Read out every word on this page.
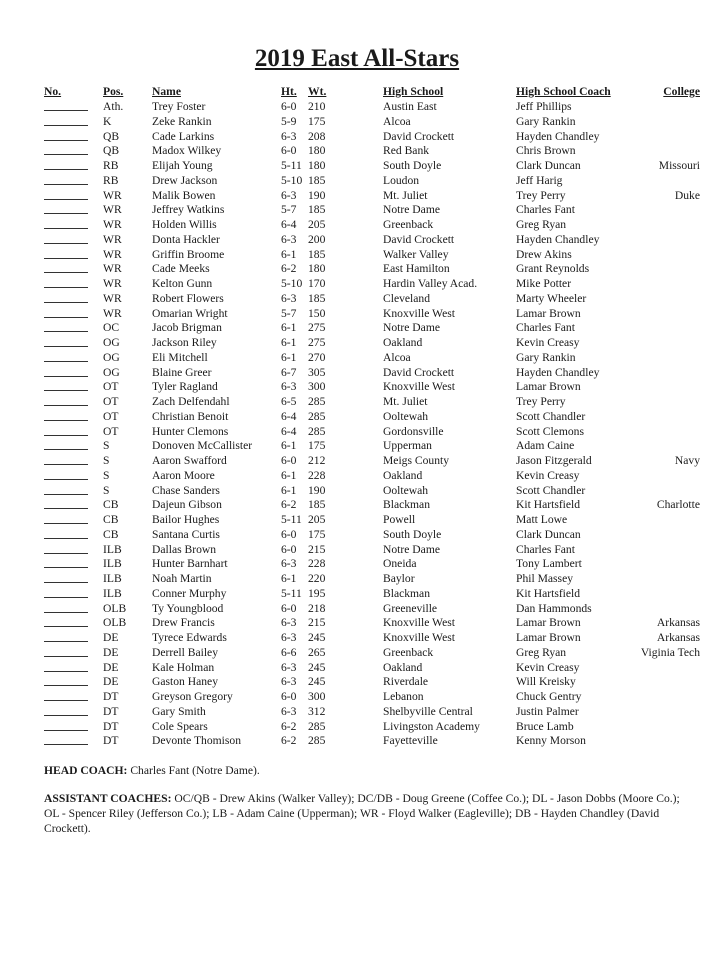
2019 East All-Stars
No.	Pos. Name	Ht. Wt.	High School	High School Coach	College
Ath. Trey Foster	6-0 210	Austin East	Jeff Phillips
K	Zeke Rankin	5-9 175	Alcoa	Gary Rankin
QB	Cade Larkins	6-3 208	David Crockett	Hayden Chandley
QB	Madox Wilkey	6-0 180	Red Bank	Chris Brown
RB	Elijah Young	5-11 180	South Doyle	Clark Duncan	Missouri
RB	Drew Jackson	5-10 185	Loudon	Jeff Harig
WR	Malik Bowen	6-3 190	Mt. Juliet	Trey Perry	Duke
WR	Jeffrey Watkins	5-7 185	Notre Dame	Charles Fant
WR	Holden Willis	6-4 205	Greenback	Greg Ryan
WR	Donta Hackler	6-3 200	David Crockett	Hayden Chandley
WR	Griffin Broome	6-1 185	Walker Valley	Drew Akins
WR	Cade Meeks	6-2 180	East Hamilton	Grant Reynolds
WR	Kelton Gunn	5-10 170	Hardin Valley Acad.	Mike Potter
WR	Robert Flowers	6-3 185	Cleveland	Marty Wheeler
WR	Omarian Wright	5-7 150	Knoxville West	Lamar Brown
OC	Jacob Brigman	6-1 275	Notre Dame	Charles Fant
OG	Jackson Riley	6-1 275	Oakland	Kevin Creasy
OG	Eli Mitchell	6-1 270	Alcoa	Gary Rankin
OG	Blaine Greer	6-7 305	David Crockett	Hayden Chandley
OT	Tyler Ragland	6-3 300	Knoxville West	Lamar Brown
OT	Zach Delfendahl	6-5 285	Mt. Juliet	Trey Perry
OT	Christian Benoit	6-4 285	Ooltewah	Scott Chandler
OT	Hunter Clemons	6-4 285	Gordonsville	Scott Clemons
S	Donoven McCallister 6-1 175	Upperman	Adam Caine
S	Aaron Swafford	6-0 212	Meigs County	Jason Fitzgerald	Navy
S	Aaron Moore	6-1 228	Oakland	Kevin Creasy
S	Chase Sanders	6-1 190	Ooltewah	Scott Chandler
CB	Dajeun Gibson	6-2 185	Blackman	Kit Hartsfield	Charlotte
CB	Bailor Hughes	5-11 205	Powell	Matt Lowe
CB	Santana Curtis	6-0 175	South Doyle	Clark Duncan
ILB	Dallas Brown	6-0 215	Notre Dame	Charles Fant
ILB	Hunter Barnhart	6-3 228	Oneida	Tony Lambert
ILB	Noah Martin	6-1 220	Baylor	Phil Massey
ILB	Conner Murphy	5-11 195	Blackman	Kit Hartsfield
OLB Ty Youngblood	6-0 218	Greeneville	Dan Hammonds
OLB Drew Francis	6-3 215	Knoxville West	Lamar Brown	Arkansas
DE	Tyrece Edwards	6-3 245	Knoxville West	Lamar Brown	Arkansas
DE	Derrell Bailey	6-6 265	Greenback	Greg Ryan	Viginia Tech
DE	Kale Holman	6-3 245	Oakland	Kevin Creasy
DE	Gaston Haney	6-3 245	Riverdale	Will Kreisky
DT	Greyson Gregory	6-0 300	Lebanon	Chuck Gentry
DT	Gary Smith	6-3 312	Shelbyville Central	Justin Palmer
DT	Cole Spears	6-2 285	Livingston Academy	Bruce Lamb
DT	Devonte Thomison	6-2 285	Fayetteville	Kenny Morson
HEAD COACH: Charles Fant (Notre Dame).
ASSISTANT COACHES: OC/QB - Drew Akins (Walker Valley); DC/DB - Doug Greene (Coffee Co.); DL - Jason Dobbs (Moore Co.); OL - Spencer Riley (Jefferson Co.); LB - Adam Caine (Upperman); WR - Floyd Walker (Eagleville); DB - Hayden Chandley (David Crockett).
